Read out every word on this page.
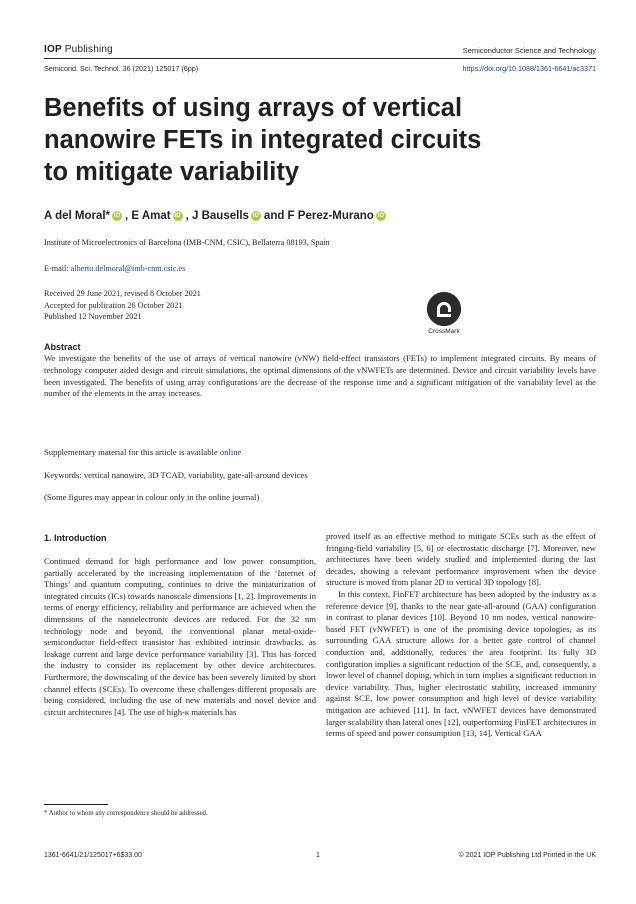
IOP Publishing	Semiconductor Science and Technology
Semicond. Sci. Technol. 36 (2021) 125017 (6pp)	https://doi.org/10.1088/1361-6641/ac3371
Benefits of using arrays of vertical
nanowire FETs in integrated circuits
to mitigate variability
A del Moral* iD , E Amat iD , J Bausells iD and F Perez-Murano iD
Institute of Microelectronics of Barcelona (IMB-CNM, CSIC), Bellaterra 08193, Spain
E-mail: alberto.delmoral@imb-cnm.csic.es
Received 29 June 2021, revised 8 October 2021
Accepted for publication 26 October 2021
Published 12 November 2021
CrossMark
Abstract
We investigate the benefits of the use of arrays of vertical nanowire (vNW) field-effect transistors (FETs) to implement integrated circuits. By means of technology computer aided design and circuit simulations, the optimal dimensions of the vNWFETs are determined. Device and circuit variability levels have been investigated. The benefits of using array configurations are the decrease of the response time and a significant mitigation of the variability level as the number of the elements in the array increases.
Supplementary material for this article is available online
Keywords: vertical nanowire, 3D TCAD, variability, gate-all-around devices
(Some figures may appear in colour only in the online journal)
1. Introduction

Continued demand for high performance and low power consumption, partially accelerated by the increasing implementation of the ‘Internet of Things’ and quantum computing, continues to drive the miniaturization of integrated circuits (ICs) towards nanoscale dimensions [1, 2]. Improvements in terms of energy efficiency, reliability and performance are achieved when the dimensions of the nanoelectronic devices are reduced. For the 32 nm technology node and beyond, the conventional planar metal-oxide-semiconductor field-effect transistor has exhibited intrinsic drawbacks, as leakage current and large device performance variability [3]. This has forced the industry to consider its replacement by other device architectures. Furthermore, the downscaling of the device has been severely limited by short channel effects (SCEs). To overcome these challenges different proposals are being considered, including the use of new materials and novel device and circuit architectures [4]. The use of high-κ materials has

proved itself as an effective method to mitigate SCEs such as the effect of fringing-field variability [5, 6] or electrostatic discharge [7]. Moreover, new architectures have been widely studied and implemented during the last decades, showing a relevant performance improvement when the device structure is moved from planar 2D to vertical 3D topology [8].

In this context, FinFET architecture has been adopted by the industry as a reference device [9], thanks to the near gate-all-around (GAA) configuration in contrast to planar devices [10]. Beyond 10 nm nodes, vertical nanowire-based FET (vNWFET) is one of the promising device topologies, as its surrounding GAA structure allows for a better gate control of channel conduction and, additionally, reduces the area footprint. Its fully 3D configuration implies a significant reduction of the SCE, and, consequently, a lower level of channel doping, which in turn implies a significant reduction in device variability. Thus, higher electrostatic stability, increased immunity against SCE, low power consumption and high level of device variability mitigation are achieved [11]. In fact, vNWFET devices have demonstrated larger scalability than lateral ones [12], outperforming FinFET architectures in terms of speed and power consumption [13, 14]. Vertical GAA

* Author to whom any correspondence should be addressed.
1361-6641/21/125017+6$33.00	1	© 2021 IOP Publishing Ltd Printed in the UK
